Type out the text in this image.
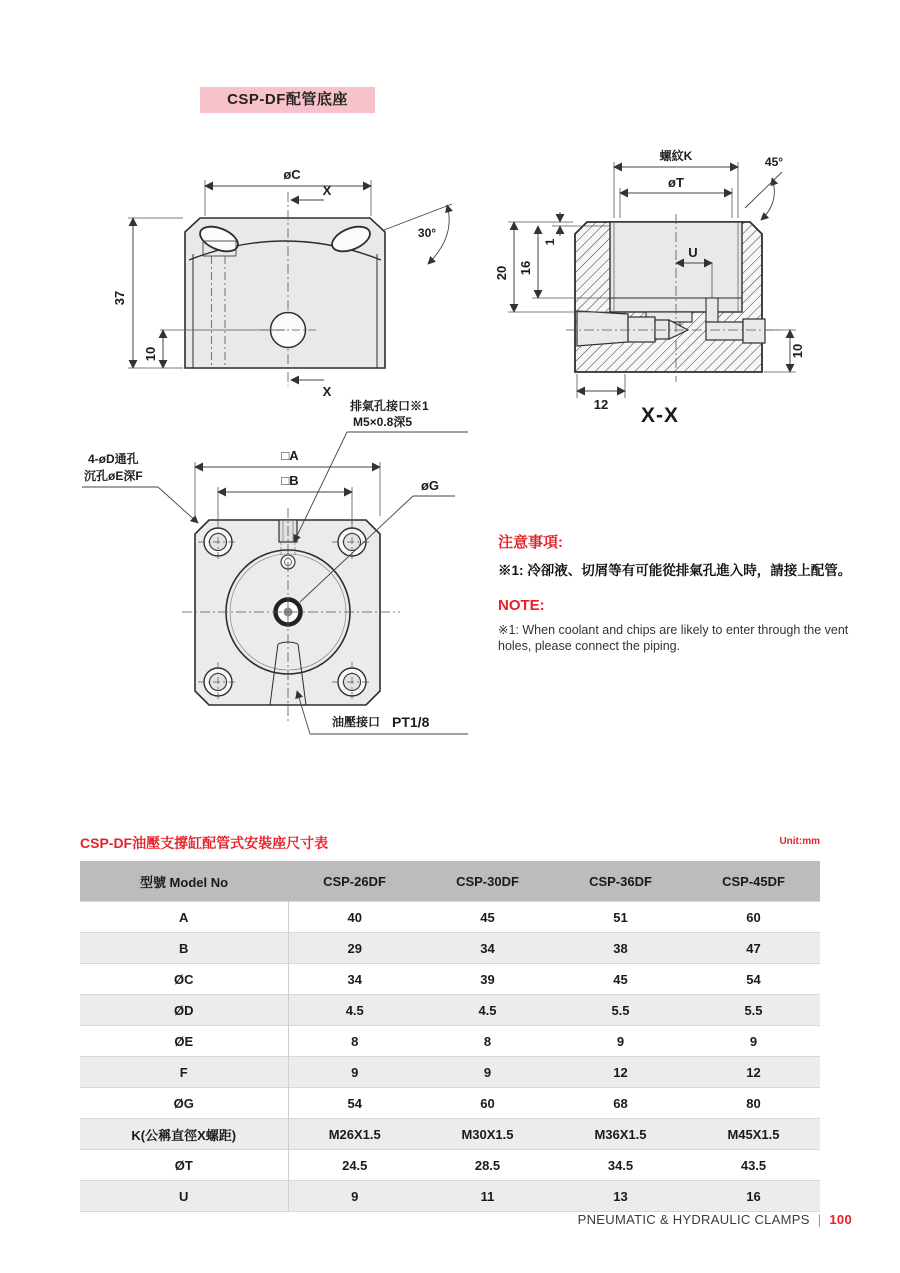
CSP-DF配管底座
øC
X
X
37
10
30°
螺紋K
øT
45°
20 16
1
U
12
10
X-X
□A
□B
排氣孔接口※1
M5×0.8深5
4-øD通孔
沉孔øE深F
øG
油壓接口 PT1/8
注意事項:
※1: 冷卻液、切屑等有可能從排氣孔進入時，請接上配管。
NOTE:
※1: When coolant and chips are likely to enter through the vent
holes, please connect the piping.
CSP-DF油壓支撐缸配管式安裝座尺寸表	Unit:mm
型號 Model No	CSP-26DF	CSP-30DF	CSP-36DF	CSP-45DF
A	40	45	51	60
B	29	34	38	47
ØC	34	39	45	54
ØD	4.5	4.5	5.5	5.5
ØE	8	8	9	9
F	9	9	12	12
ØG	54	60	68	80
K(公稱直徑X螺距)	M26X1.5	M30X1.5	M36X1.5	M45X1.5
ØT	24.5	28.5	34.5	43.5
U	9	11	13	16
PNEUMATIC & HYDRAULIC CLAMPS | 100
